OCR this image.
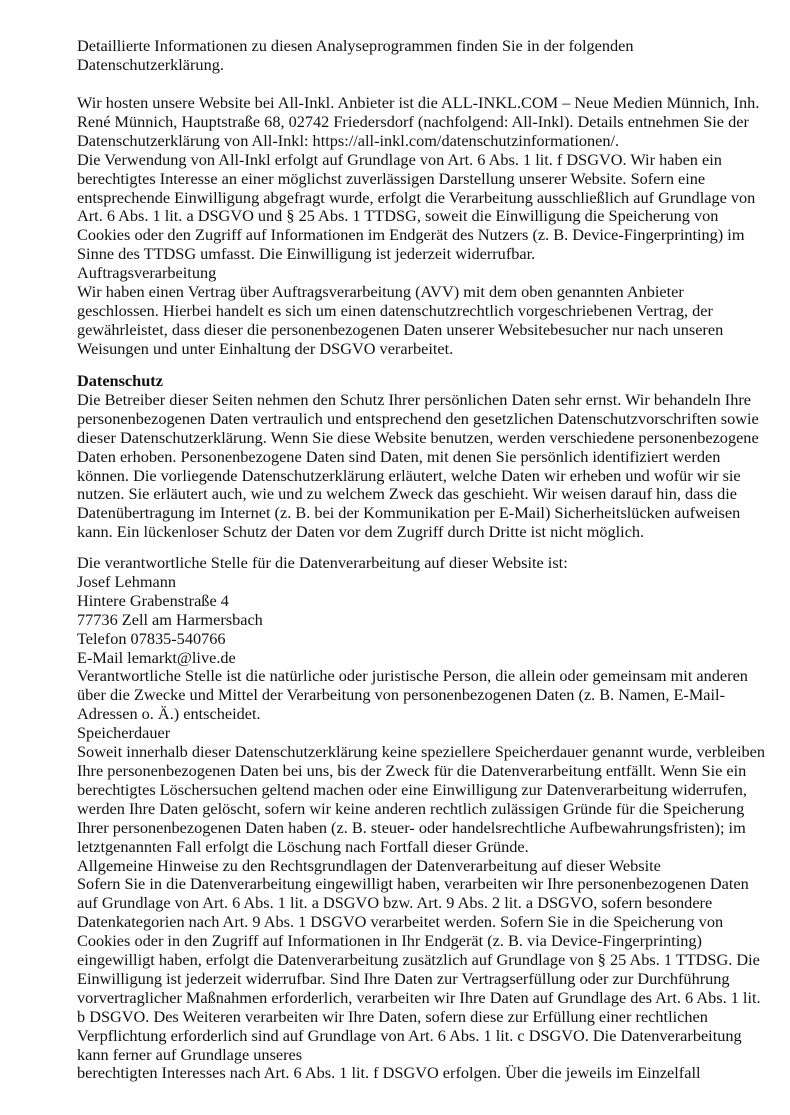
Detaillierte Informationen zu diesen Analyseprogrammen finden Sie in der folgenden
Datenschutzerklärung.
Wir hosten unsere Website bei All-Inkl. Anbieter ist die ALL-INKL.COM – Neue Medien Münnich, Inh.
René Münnich, Hauptstraße 68, 02742 Friedersdorf (nachfolgend: All-Inkl). Details entnehmen Sie der
Datenschutzerklärung von All-Inkl: https://all-inkl.com/datenschutzinformationen/.
Die Verwendung von All-Inkl erfolgt auf Grundlage von Art. 6 Abs. 1 lit. f DSGVO. Wir haben ein
berechtigtes Interesse an einer möglichst zuverlässigen Darstellung unserer Website. Sofern eine
entsprechende Einwilligung abgefragt wurde, erfolgt die Verarbeitung ausschließlich auf Grundlage von
Art. 6 Abs. 1 lit. a DSGVO und § 25 Abs. 1 TTDSG, soweit die Einwilligung die Speicherung von
Cookies oder den Zugriff auf Informationen im Endgerät des Nutzers (z. B. Device-Fingerprinting) im
Sinne des TTDSG umfasst. Die Einwilligung ist jederzeit widerrufbar.
Auftragsverarbeitung
Wir haben einen Vertrag über Auftragsverarbeitung (AVV) mit dem oben genannten Anbieter
geschlossen. Hierbei handelt es sich um einen datenschutzrechtlich vorgeschriebenen Vertrag, der
gewährleistet, dass dieser die personenbezogenen Daten unserer Websitebesucher nur nach unseren
Weisungen und unter Einhaltung der DSGVO verarbeitet.
Datenschutz
Die Betreiber dieser Seiten nehmen den Schutz Ihrer persönlichen Daten sehr ernst. Wir behandeln Ihre
personenbezogenen Daten vertraulich und entsprechend den gesetzlichen Datenschutzvorschriften sowie
dieser Datenschutzerklärung. Wenn Sie diese Website benutzen, werden verschiedene personenbezogene
Daten erhoben. Personenbezogene Daten sind Daten, mit denen Sie persönlich identifiziert werden
können. Die vorliegende Datenschutzerklärung erläutert, welche Daten wir erheben und wofür wir sie
nutzen. Sie erläutert auch, wie und zu welchem Zweck das geschieht. Wir weisen darauf hin, dass die
Datenübertragung im Internet (z. B. bei der Kommunikation per E-Mail) Sicherheitslücken aufweisen
kann. Ein lückenloser Schutz der Daten vor dem Zugriff durch Dritte ist nicht möglich.
Die verantwortliche Stelle für die Datenverarbeitung auf dieser Website ist:
Josef Lehmann
Hintere Grabenstraße 4
77736 Zell am Harmersbach
Telefon 07835-540766
E-Mail lemarkt@live.de
Verantwortliche Stelle ist die natürliche oder juristische Person, die allein oder gemeinsam mit anderen
über die Zwecke und Mittel der Verarbeitung von personenbezogenen Daten (z. B. Namen, E-Mail-
Adressen o. Ä.) entscheidet.
Speicherdauer
Soweit innerhalb dieser Datenschutzerklärung keine speziellere Speicherdauer genannt wurde, verbleiben
Ihre personenbezogenen Daten bei uns, bis der Zweck für die Datenverarbeitung entfällt. Wenn Sie ein
berechtigtes Löschersuchen geltend machen oder eine Einwilligung zur Datenverarbeitung widerrufen,
werden Ihre Daten gelöscht, sofern wir keine anderen rechtlich zulässigen Gründe für die Speicherung
Ihrer personenbezogenen Daten haben (z. B. steuer- oder handelsrechtliche Aufbewahrungsfristen); im
letztgenannten Fall erfolgt die Löschung nach Fortfall dieser Gründe.
Allgemeine Hinweise zu den Rechtsgrundlagen der Datenverarbeitung auf dieser Website
Sofern Sie in die Datenverarbeitung eingewilligt haben, verarbeiten wir Ihre personenbezogenen Daten
auf Grundlage von Art. 6 Abs. 1 lit. a DSGVO bzw. Art. 9 Abs. 2 lit. a DSGVO, sofern besondere
Datenkategorien nach Art. 9 Abs. 1 DSGVO verarbeitet werden. Sofern Sie in die Speicherung von
Cookies oder in den Zugriff auf Informationen in Ihr Endgerät (z. B. via Device-Fingerprinting)
eingewilligt haben, erfolgt die Datenverarbeitung zusätzlich auf Grundlage von § 25 Abs. 1 TTDSG. Die
Einwilligung ist jederzeit widerrufbar. Sind Ihre Daten zur Vertragserfüllung oder zur Durchführung
vorvertraglicher Maßnahmen erforderlich, verarbeiten wir Ihre Daten auf Grundlage des Art. 6 Abs. 1 lit.
b DSGVO. Des Weiteren verarbeiten wir Ihre Daten, sofern diese zur Erfüllung einer rechtlichen
Verpflichtung erforderlich sind auf Grundlage von Art. 6 Abs. 1 lit. c DSGVO. Die Datenverarbeitung
kann ferner auf Grundlage unseres
berechtigten Interesses nach Art. 6 Abs. 1 lit. f DSGVO erfolgen. Über die jeweils im Einzelfall
